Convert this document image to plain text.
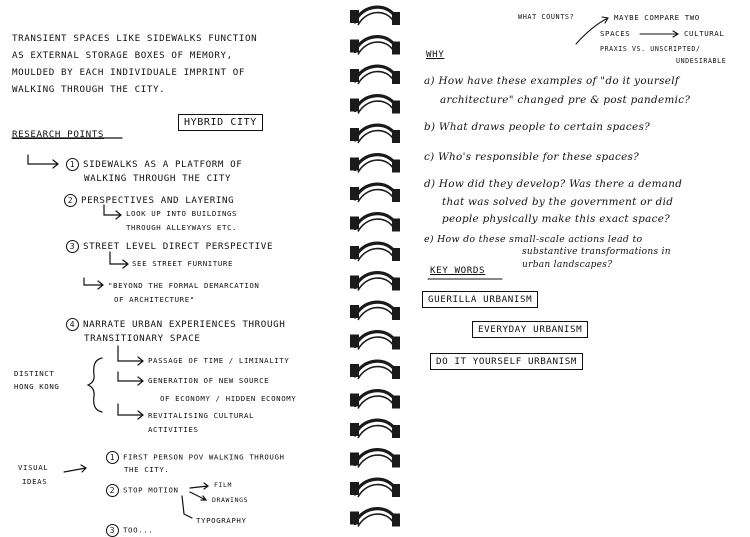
TRANSIENT SPACES LIKE SIDEWALKS FUNCTION
AS EXTERNAL STORAGE BOXES OF MEMORY,
MOULDED BY EACH INDIVIDUALE IMPRINT OF
WALKING THROUGH THE CITY.
HYBRID CITY
RESEARCH POINTS
1 SIDEWALKS AS A PLATFORM OF
WALKING THROUGH THE CITY
2 PERSPECTIVES AND LAYERING
LOOK UP INTO BUILDINGS
THROUGH ALLEYWAYS ETC.
3 STREET LEVEL DIRECT PERSPECTIVE
SEE STREET FURNITURE
"BEYOND THE FORMAL DEMARCATION
OF ARCHITECTURE"
4 NARRATE URBAN EXPERIENCES THROUGH
TRANSITIONARY SPACE
DISTINCT
HONG KONG
PASSAGE OF TIME / LIMINALITY
GENERATION OF NEW SOURCE
OF ECONOMY / HIDDEN ECONOMY
REVITALISING CULTURAL
ACTIVITIES
VISUAL
IDEAS
1 FIRST PERSON POV WALKING THROUGH
THE CITY.
2 STOP MOTION
FILM
DRAWINGS
TYPOGRAPHY
3 TOO...
WHAT COUNTS?	MAYBE COMPARE TWO
SPACES	CULTURAL
PRAXIS VS. UNSCRIPTED/
UNDESIRABLE
WHY
a) How have these examples of "do it yourself
architecture" changed pre & post pandemic?
b) What draws people to certain spaces?
c) Who's responsible for these spaces?
d) How did they develop? Was there a demand
that was solved by the government or did
people physically make this exact space?
e) How do these small-scale actions lead to
substantive transformations in
urban landscapes?
KEY WORDS
GUERILLA URBANISM
EVERYDAY URBANISM
DO IT YOURSELF URBANISM
